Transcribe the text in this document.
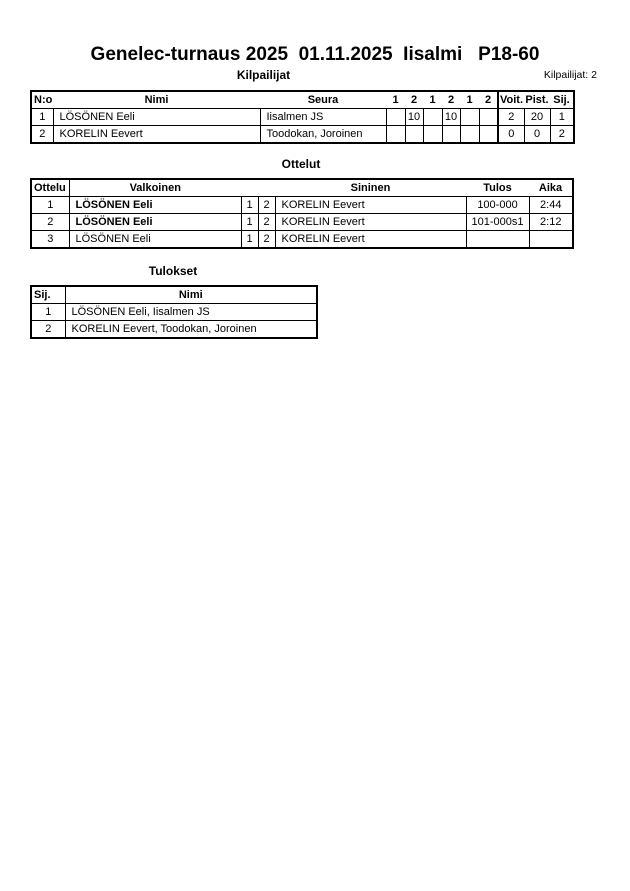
Genelec-turnaus 2025  01.11.2025  Iisalmi   P18-60
Kilpailijat	Kilpailijat: 2
N:o	Nimi	Seura	1	2	1	2	1	2	Voit.	Pist.	Sij.
1	LÖSÖNEN Eeli	Iisalmen JS		10		10			2	20	1
2	KORELIN Eevert	Toodokan, Joroinen							0	0	2
Ottelut
Ottelu	Valkoinen			Sininen	Tulos	Aika
1	LÖSÖNEN Eeli	1	2	KORELIN Eevert	100-000	2:44
2	LÖSÖNEN Eeli	1	2	KORELIN Eevert	101-000s1	2:12
3	LÖSÖNEN Eeli	1	2	KORELIN Eevert		
Tulokset
Sij.	Nimi
1	LÖSÖNEN Eeli, Iisalmen JS
2	KORELIN Eevert, Toodokan, Joroinen
